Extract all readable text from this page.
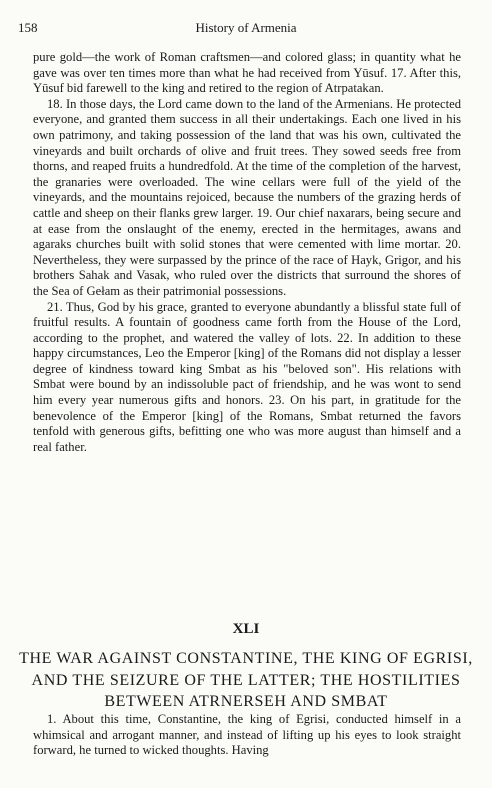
158	History of Armenia

pure gold—the work of Roman craftsmen—and colored glass; in quantity what he gave was over ten times more than what he had received from Yūsuf. 17. After this, Yūsuf bid farewell to the king and retired to the region of Atrpatakan.

18. In those days, the Lord came down to the land of the Armenians. He protected everyone, and granted them success in all their undertakings. Each one lived in his own patrimony, and taking possession of the land that was his own, cultivated the vineyards and built orchards of olive and fruit trees. They sowed seeds free from thorns, and reaped fruits a hundredfold. At the time of the completion of the harvest, the granaries were overloaded. The wine cellars were full of the yield of the vineyards, and the mountains rejoiced, because the numbers of the grazing herds of cattle and sheep on their flanks grew larger. 19. Our chief naxarars, being secure and at ease from the onslaught of the enemy, erected in the hermitages, awans and agaraks churches built with solid stones that were cemented with lime mortar. 20. Nevertheless, they were surpassed by the prince of the race of Hayk, Grigor, and his brothers Sahak and Vasak, who ruled over the districts that surround the shores of the Sea of Gełam as their patrimonial possessions.

21. Thus, God by his grace, granted to everyone abundantly a blissful state full of fruitful results. A fountain of goodness came forth from the House of the Lord, according to the prophet, and watered the valley of lots. 22. In addition to these happy circumstances, Leo the Emperor [king] of the Romans did not display a lesser degree of kindness toward king Smbat as his "beloved son". His relations with Smbat were bound by an indissoluble pact of friendship, and he was wont to send him every year numerous gifts and honors. 23. On his part, in gratitude for the benevolence of the Emperor [king] of the Romans, Smbat returned the favors tenfold with generous gifts, befitting one who was more august than himself and a real father.

XLI
THE WAR AGAINST CONSTANTINE, THE KING OF EGRISI, AND THE SEIZURE OF THE LATTER; THE HOSTILITIES BETWEEN ATRNERSEH AND SMBAT

1. About this time, Constantine, the king of Egrisi, conducted himself in a whimsical and arrogant manner, and instead of lifting up his eyes to look straight forward, he turned to wicked thoughts. Having
